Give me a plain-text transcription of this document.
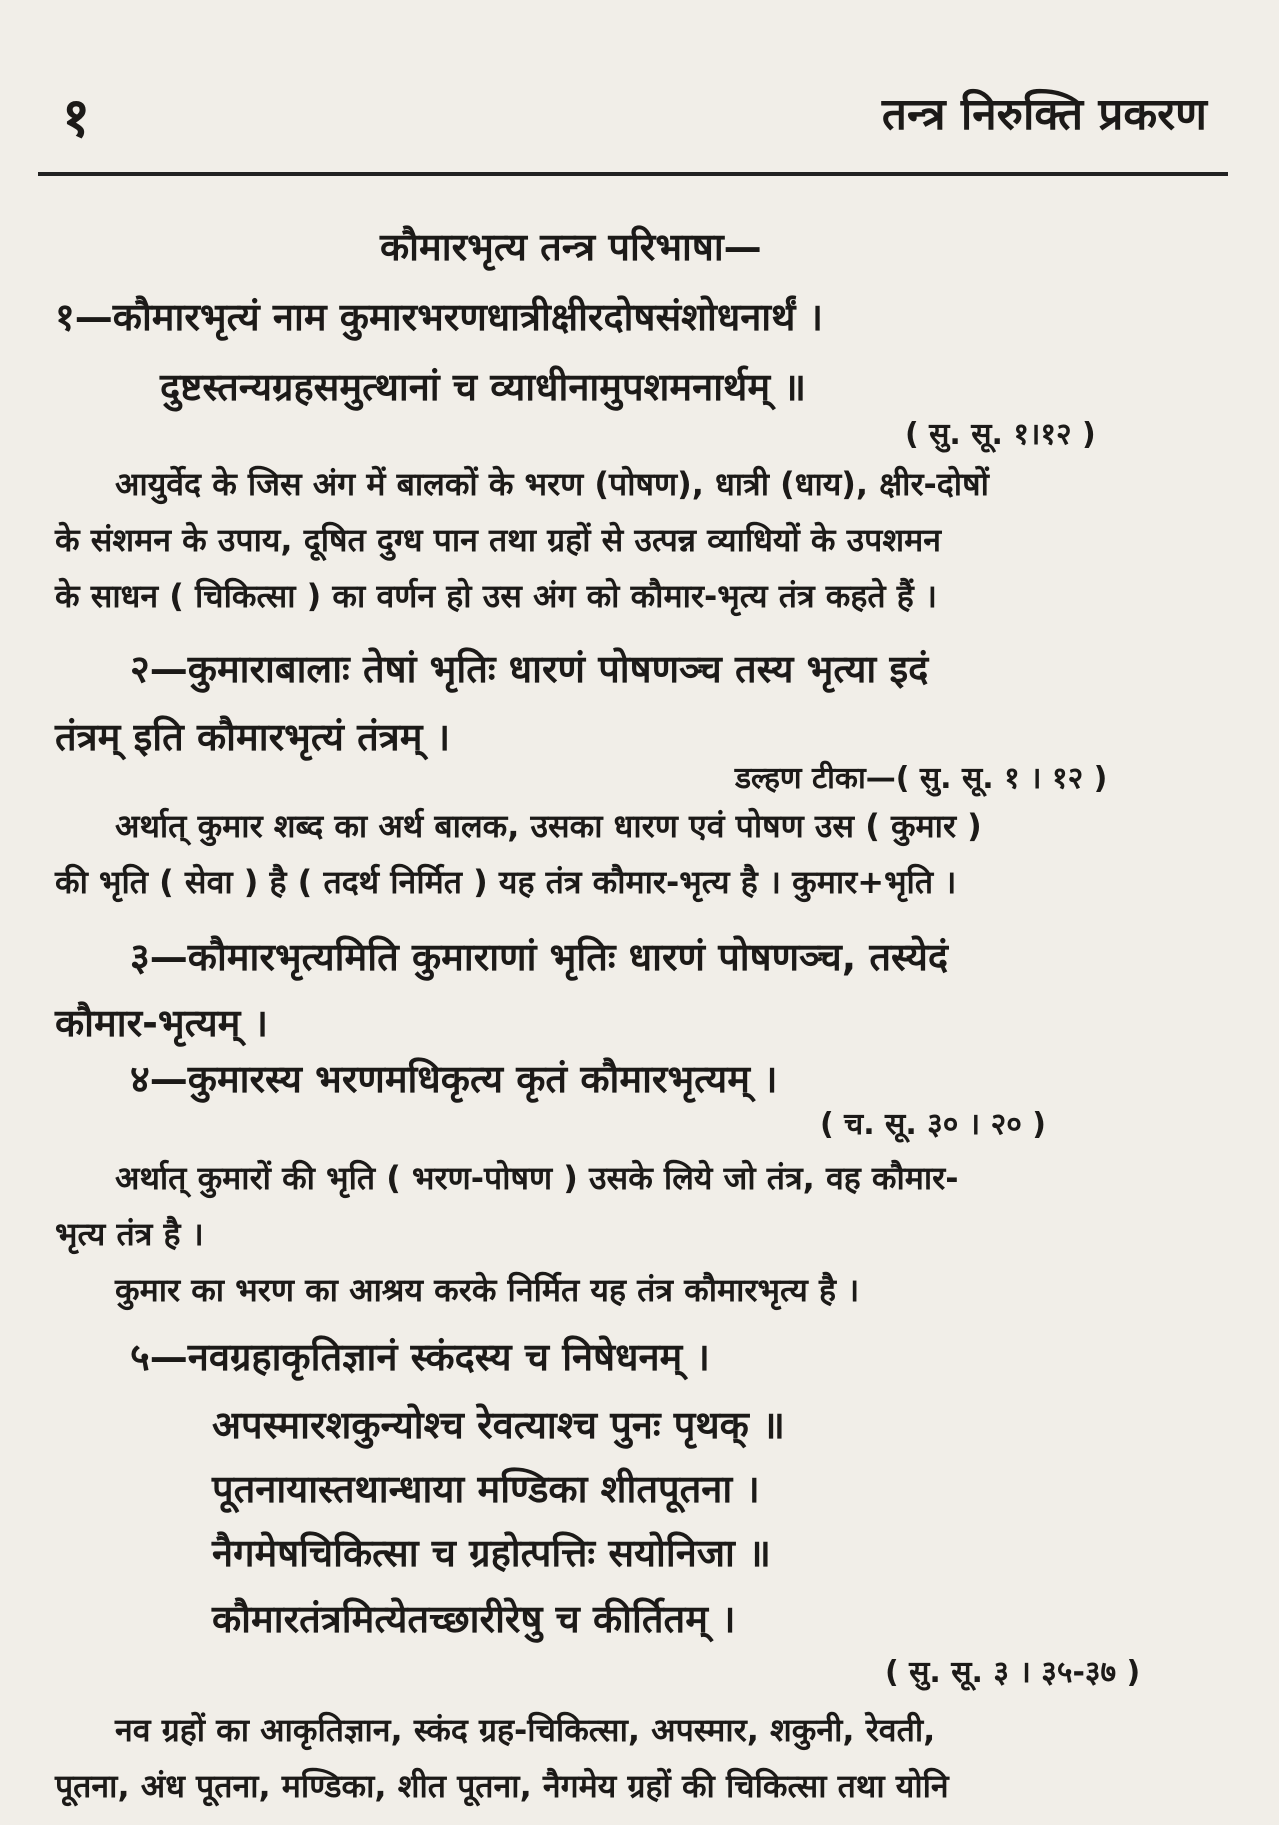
१	तन्त्र निरुक्ति प्रकरण
कौमारभृत्य तन्त्र परिभाषा—
१—कौमारभृत्यं नाम कुमारभरणधात्रीक्षीरदोषसंशोधनार्थं ।
दुष्टस्तन्यग्रहसमुत्थानां च व्याधीनामुपशमनार्थम् ॥
( सु. सू. १।१२ )
आयुर्वेद के जिस अंग में बालकों के भरण (पोषण), धात्री (धाय), क्षीर-दोषों
के संशमन के उपाय, दूषित दुग्ध पान तथा ग्रहों से उत्पन्न व्याधियों के उपशमन
के साधन ( चिकित्सा ) का वर्णन हो उस अंग को कौमार-भृत्य तंत्र कहते हैं ।
२—कुमाराबालाः तेषां भृतिः धारणं पोषणञ्च तस्य भृत्या इदं
तंत्रम् इति कौमारभृत्यं तंत्रम् ।
डल्हण टीका—( सु. सू. १ । १२ )
अर्थात् कुमार शब्द का अर्थ बालक, उसका धारण एवं पोषण उस ( कुमार )
की भृति ( सेवा ) है ( तदर्थ निर्मित ) यह तंत्र कौमार-भृत्य है । कुमार+भृति ।
३—कौमारभृत्यमिति कुमाराणां भृतिः धारणं पोषणञ्च, तस्येदं
कौमार-भृत्यम् ।
४—कुमारस्य भरणमधिकृत्य कृतं कौमारभृत्यम् ।
( च. सू. ३० । २० )
अर्थात् कुमारों की भृति ( भरण-पोषण ) उसके लिये जो तंत्र, वह कौमार-
भृत्य तंत्र है ।
कुमार का भरण का आश्रय करके निर्मित यह तंत्र कौमारभृत्य है ।
५—नवग्रहाकृतिज्ञानं स्कंदस्य च निषेधनम् ।
अपस्मारशकुन्योश्च रेवत्याश्च पुनः पृथक् ॥
पूतनायास्तथान्धाया मण्डिका शीतपूतना ।
नैगमेषचिकित्सा च ग्रहोत्पत्तिः सयोनिजा ॥
कौमारतंत्रमित्येतच्छारीरेषु च कीर्तितम् ।
( सु. सू. ३ । ३५-३७ )
नव ग्रहों का आकृतिज्ञान, स्कंद ग्रह-चिकित्सा, अपस्मार, शकुनी, रेवती,
पूतना, अंध पूतना, मण्डिका, शीत पूतना, नैगमेय ग्रहों की चिकित्सा तथा योनि
